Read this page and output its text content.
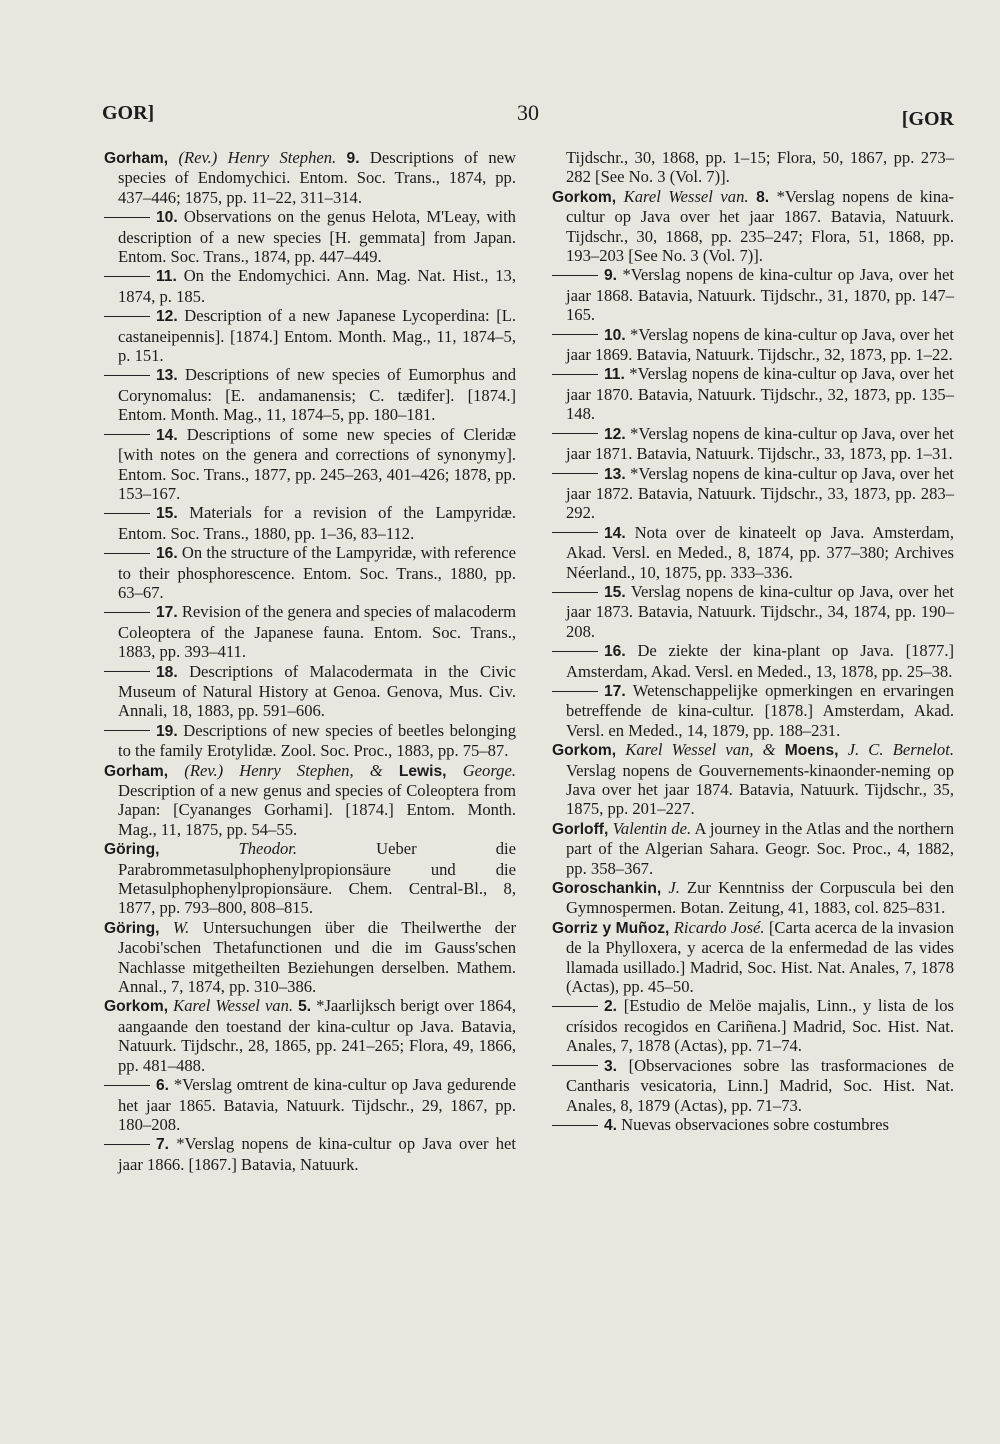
GOR]	30	[GOR

Gorham, (Rev.) Henry Stephen. 9. Descriptions of new species of Endomychici. Entom. Soc. Trans., 1874, pp. 437–446; 1875, pp. 11–22, 311–314.

10. Observations on the genus Helota, M'Leay, with description of a new species [H. gemmata] from Japan. Entom. Soc. Trans., 1874, pp. 447–449.

11. On the Endomychici. Ann. Mag. Nat. Hist., 13, 1874, p. 185.

12. Description of a new Japanese Lycoperdina: [L. castaneipennis]. [1874.] Entom. Month. Mag., 11, 1874–5, p. 151.

13. Descriptions of new species of Eumorphus and Corynomalus: [E. andamanensis; C. tædifer]. [1874.] Entom. Month. Mag., 11, 1874–5, pp. 180–181.

14. Descriptions of some new species of Cleridæ [with notes on the genera and corrections of synonymy]. Entom. Soc. Trans., 1877, pp. 245–263, 401–426; 1878, pp. 153–167.

15. Materials for a revision of the Lampyridæ. Entom. Soc. Trans., 1880, pp. 1–36, 83–112.

16. On the structure of the Lampyridæ, with reference to their phosphorescence. Entom. Soc. Trans., 1880, pp. 63–67.

17. Revision of the genera and species of malacoderm Coleoptera of the Japanese fauna. Entom. Soc. Trans., 1883, pp. 393–411.

18. Descriptions of Malacodermata in the Civic Museum of Natural History at Genoa. Genova, Mus. Civ. Annali, 18, 1883, pp. 591–606.

19. Descriptions of new species of beetles belonging to the family Erotylidæ. Zool. Soc. Proc., 1883, pp. 75–87.

Gorham, (Rev.) Henry Stephen, & Lewis, George. Description of a new genus and species of Coleoptera from Japan: [Cyananges Gorhami]. [1874.] Entom. Month. Mag., 11, 1875, pp. 54–55.

Göring,	Theodor.	Ueber die Parabrommetasulphophenylpropionsäure und die Metasulphophenylpropionsäure. Chem. Central-Bl., 8, 1877, pp. 793–800, 808–815.

Göring, W. Untersuchungen über die Theilwerthe der Jacobi'schen Thetafunctionen und die im Gauss'schen Nachlasse mitgetheilten Beziehungen derselben. Mathem. Annal., 7, 1874, pp. 310–386.

Gorkom, Karel Wessel van. 5. *Jaarlijksch berigt over 1864, aangaande den toestand der kina-cultur op Java. Batavia, Natuurk. Tijdschr., 28, 1865, pp. 241–265; Flora, 49, 1866, pp. 481–488.

6. *Verslag omtrent de kina-cultur op Java gedurende het jaar 1865. Batavia, Natuurk. Tijdschr., 29, 1867, pp. 180–208.

7. *Verslag nopens de kina-cultur op Java over het jaar 1866. [1867.] Batavia, Natuurk.

Tijdschr., 30, 1868, pp. 1–15; Flora, 50, 1867, pp. 273–282 [See No. 3 (Vol. 7)].

Gorkom, Karel Wessel van. 8. *Verslag nopens de kina-cultur op Java over het jaar 1867. Batavia, Natuurk. Tijdschr., 30, 1868, pp. 235–247; Flora, 51, 1868, pp. 193–203 [See No. 3 (Vol. 7)].

9. *Verslag nopens de kina-cultur op Java, over het jaar 1868. Batavia, Natuurk. Tijdschr., 31, 1870, pp. 147–165.

10. *Verslag nopens de kina-cultur op Java, over het jaar 1869. Batavia, Natuurk. Tijdschr., 32, 1873, pp. 1–22.

11. *Verslag nopens de kina-cultur op Java, over het jaar 1870. Batavia, Natuurk. Tijdschr., 32, 1873, pp. 135–148.

12. *Verslag nopens de kina-cultur op Java, over het jaar 1871. Batavia, Natuurk. Tijdschr., 33, 1873, pp. 1–31.

13. *Verslag nopens de kina-cultur op Java, over het jaar 1872. Batavia, Natuurk. Tijdschr., 33, 1873, pp. 283–292.

14. Nota over de kinateelt op Java. Amsterdam, Akad. Versl. en Meded., 8, 1874, pp. 377–380; Archives Néerland., 10, 1875, pp. 333–336.

15. Verslag nopens de kina-cultur op Java, over het jaar 1873. Batavia, Natuurk. Tijdschr., 34, 1874, pp. 190–208.

16. De ziekte der kina-plant op Java. [1877.] Amsterdam, Akad. Versl. en Meded., 13, 1878, pp. 25–38.

17. Wetenschappelijke opmerkingen en ervaringen betreffende de kina-cultur. [1878.] Amsterdam, Akad. Versl. en Meded., 14, 1879, pp. 188–231.

Gorkom, Karel Wessel van, & Moens, J. C. Bernelot. Verslag nopens de Gouvernements-kinaonder-neming op Java over het jaar 1874. Batavia, Natuurk. Tijdschr., 35, 1875, pp. 201–227.

Gorloff, Valentin de. A journey in the Atlas and the northern part of the Algerian Sahara. Geogr. Soc. Proc., 4, 1882, pp. 358–367.

Goroschankin, J. Zur Kenntniss der Corpuscula bei den Gymnospermen. Botan. Zeitung, 41, 1883, col. 825–831.

Gorriz y Muñoz, Ricardo José. [Carta acerca de la invasion de la Phylloxera, y acerca de la enfermedad de las vides llamada usillado.] Madrid, Soc. Hist. Nat. Anales, 7, 1878 (Actas), pp. 45–50.

2. [Estudio de Melöe majalis, Linn., y lista de los crísidos recogidos en Cariñena.] Madrid, Soc. Hist. Nat. Anales, 7, 1878 (Actas), pp. 71–74.

3. [Observaciones sobre las trasformaciones de Cantharis vesicatoria, Linn.] Madrid, Soc. Hist. Nat. Anales, 8, 1879 (Actas), pp. 71–73.

4. Nuevas observaciones sobre costumbres
